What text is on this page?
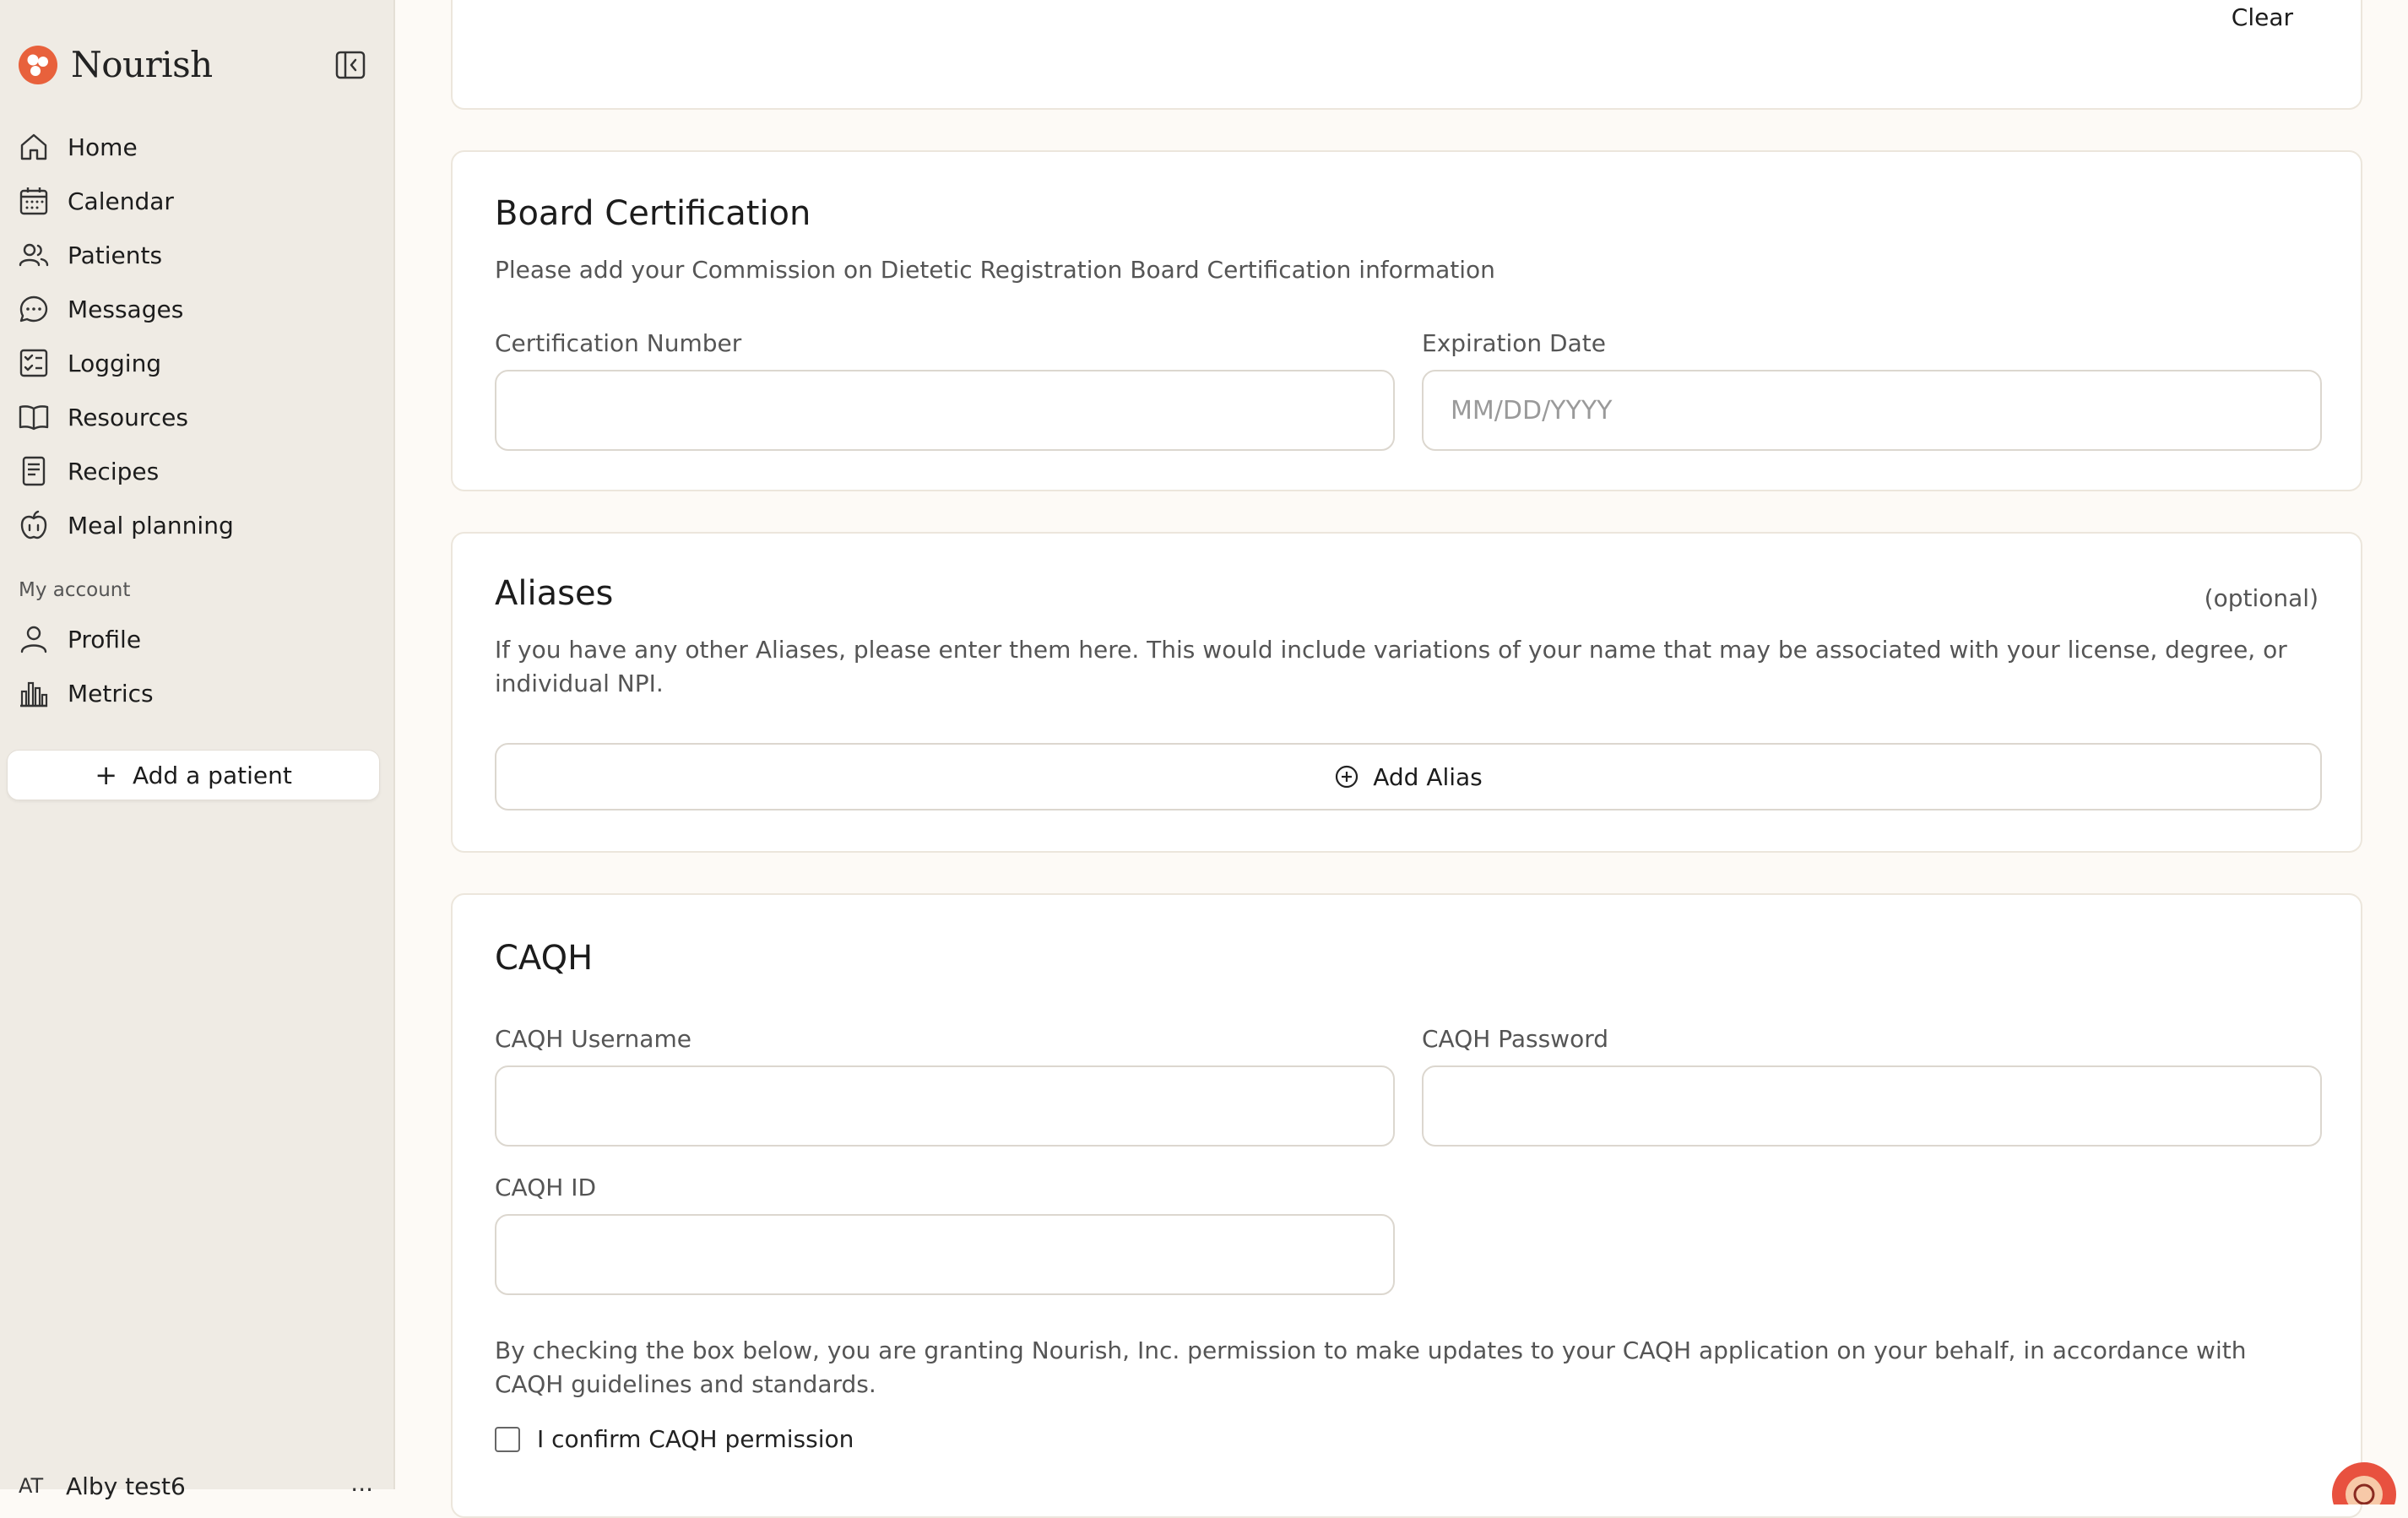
Nourish
Home
Calendar
Patients
Messages
Logging
Resources
Recipes
Meal planning
My account
Profile
Metrics
+ Add a patient
AT Alby test6	...
Clear
Board Certification
Please add your Commission on Dietetic Registration Board Certification information
Certification Number	Expiration Date
MM/DD/YYYY
Aliases	(optional)
If you have any other Aliases, please enter them here. This would include variations of your name that may be associated with your license, degree, or individual NPI.
Add Alias
CAQH
CAQH Username	CAQH Password
CAQH ID
By checking the box below, you are granting Nourish, Inc. permission to make updates to your CAQH application on your behalf, in accordance with CAQH guidelines and standards.
I confirm CAQH permission
